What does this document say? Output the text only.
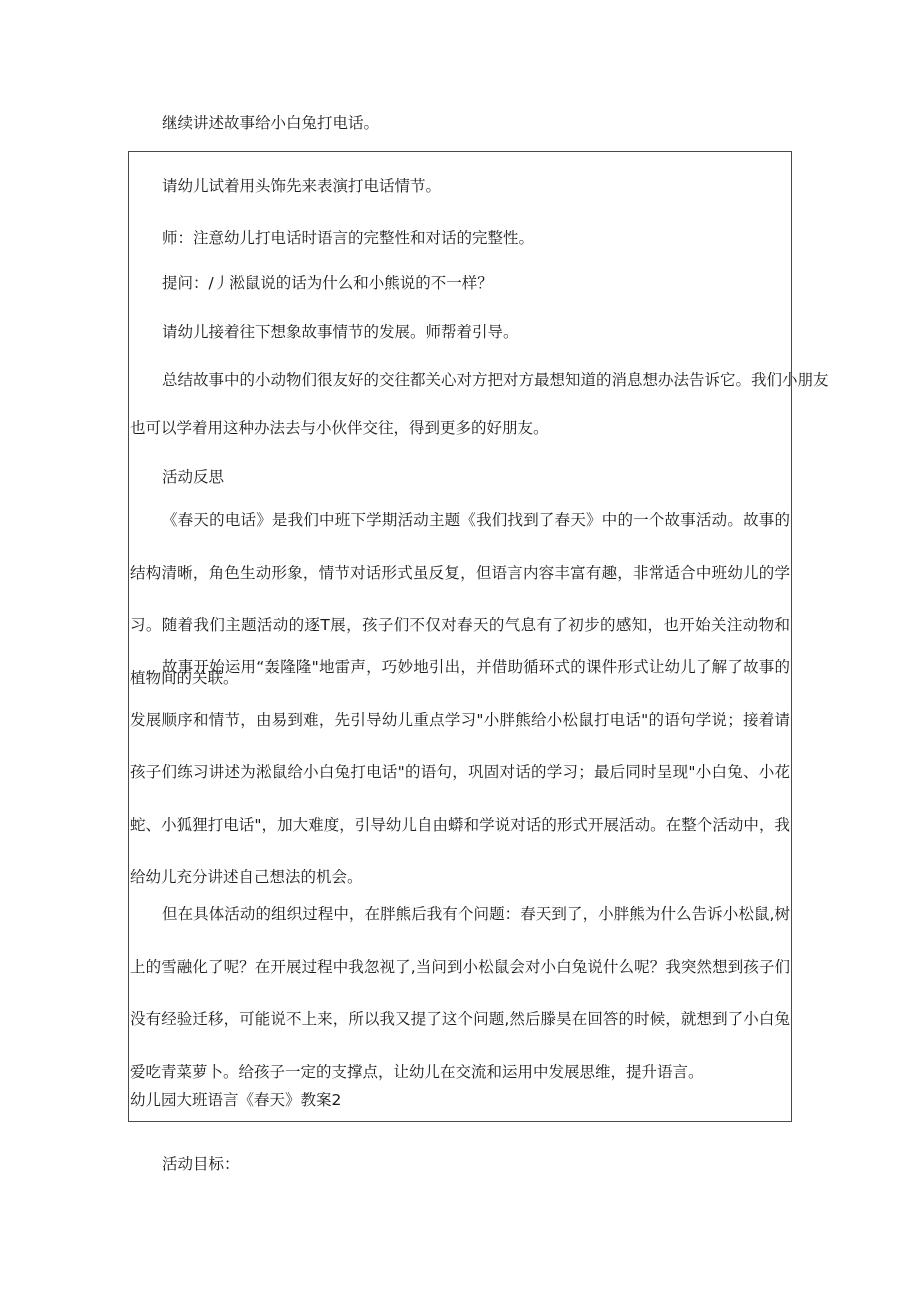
继续讲述故事给小白兔打电话。

请幼儿试着用头饰先来表演打电话情节。

师：注意幼儿打电话时语言的完整性和对话的完整性。

提问：/丿淞鼠说的话为什么和小熊说的不一样？

请幼儿接着往下想象故事情节的发展。师帮着引导。

总结故事中的小动物们很友好的交往都关心对方把对方最想知道的消息想办法告诉它。我们小朋友

也可以学着用这种办法去与小伙伴交往，得到更多的好朋友。

活动反思

《春天的电话》是我们中班下学期活动主题《我们找到了春天》中的一个故事活动。故事的结构清晰，角色生动形象，情节对话形式虽反复，但语言内容丰富有趣，非常适合中班幼儿的学习。随着我们主题活动的逐T展，孩子们不仅对春天的气息有了初步的感知，也开始关注动物和植物间的关联。

故事开始运用“轰隆隆"地雷声，巧妙地引出，并借助循环式的课件形式让幼儿了解了故事的发展顺序和情节，由易到难，先引导幼儿重点学习"小胖熊给小松鼠打电话"的语句学说；接着请孩子们练习讲述为淞鼠给小白兔打电话"的语句，巩固对话的学习；最后同时呈现"小白兔、小花蛇、小狐狸打电话"，加大难度，引导幼儿自由蟒和学说对话的形式开展活动。在整个活动中，我给幼儿充分讲述自己想法的机会。

但在具体活动的组织过程中，在胖熊后我有个问题：春天到了，小胖熊为什么告诉小松鼠,树上的雪融化了呢？在开展过程中我忽视了,当问到小松鼠会对小白兔说什么呢？我突然想到孩子们没有经验迁移，可能说不上来，所以我又提了这个问题,然后滕昊在回答的时候，就想到了小白兔爱吃青菜萝卜。给孩子一定的支撑点，让幼儿在交流和运用中发展思维，提升语言。

幼儿园大班语言《春天》教案2

活动目标：
